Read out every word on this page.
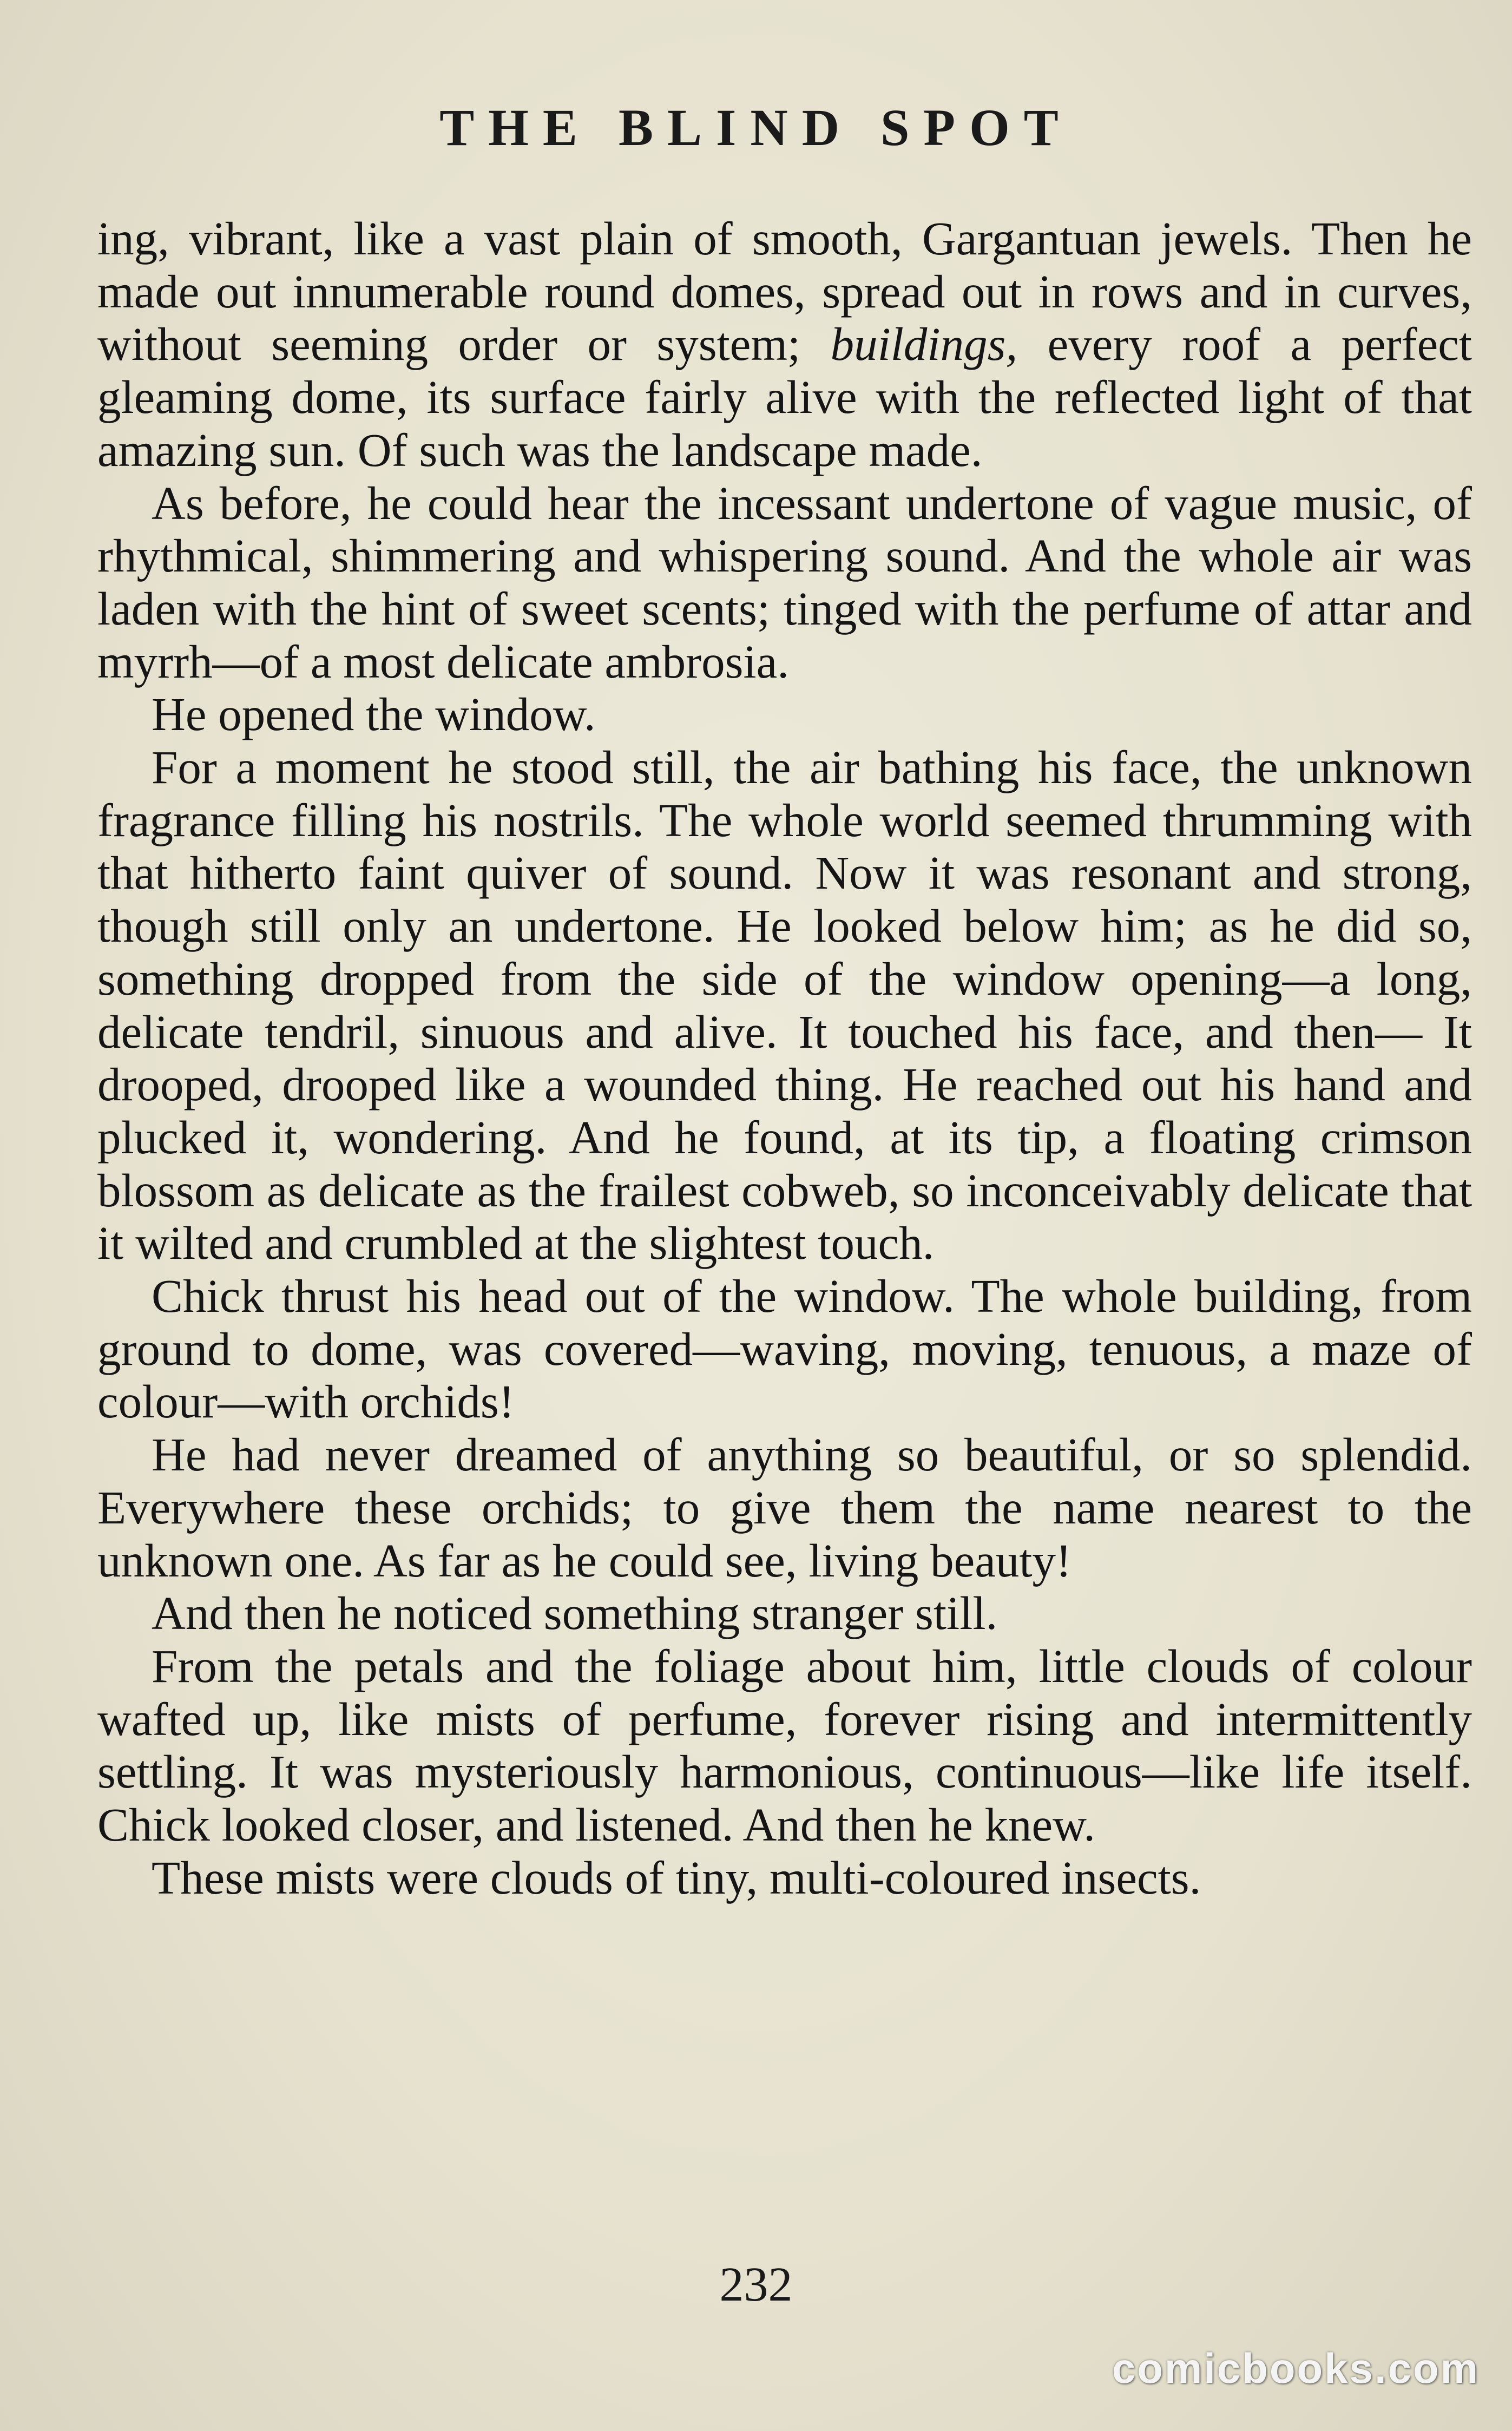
THE BLIND SPOT

ing, vibrant, like a vast plain of smooth, Gargantuan jewels. Then he made out innumerable round domes, spread out in rows and in curves, without seeming order or system; buildings, every roof a perfect gleaming dome, its surface fairly alive with the reflected light of that amazing sun. Of such was the landscape made.

As before, he could hear the incessant undertone of vague music, of rhythmical, shimmering and whispering sound. And the whole air was laden with the hint of sweet scents; tinged with the perfume of attar and myrrh—of a most delicate ambrosia.

He opened the window.

For a moment he stood still, the air bathing his face, the unknown fragrance filling his nostrils. The whole world seemed thrumming with that hitherto faint quiver of sound. Now it was resonant and strong, though still only an undertone. He looked below him; as he did so, something dropped from the side of the window opening—a long, delicate tendril, sinuous and alive. It touched his face, and then— It drooped, drooped like a wounded thing. He reached out his hand and plucked it, wondering. And he found, at its tip, a floating crimson blossom as delicate as the frailest cobweb, so inconceivably delicate that it wilted and crumbled at the slightest touch.

Chick thrust his head out of the window. The whole building, from ground to dome, was covered—waving, moving, tenuous, a maze of colour—with orchids!

He had never dreamed of anything so beautiful, or so splendid. Everywhere these orchids; to give them the name nearest to the unknown one. As far as he could see, living beauty!

And then he noticed something stranger still.

From the petals and the foliage about him, little clouds of colour wafted up, like mists of perfume, forever rising and intermittently settling. It was mysteriously harmonious, continuous—like life itself. Chick looked closer, and listened. And then he knew.

These mists were clouds of tiny, multi-coloured insects.

232
comicbooks.com
